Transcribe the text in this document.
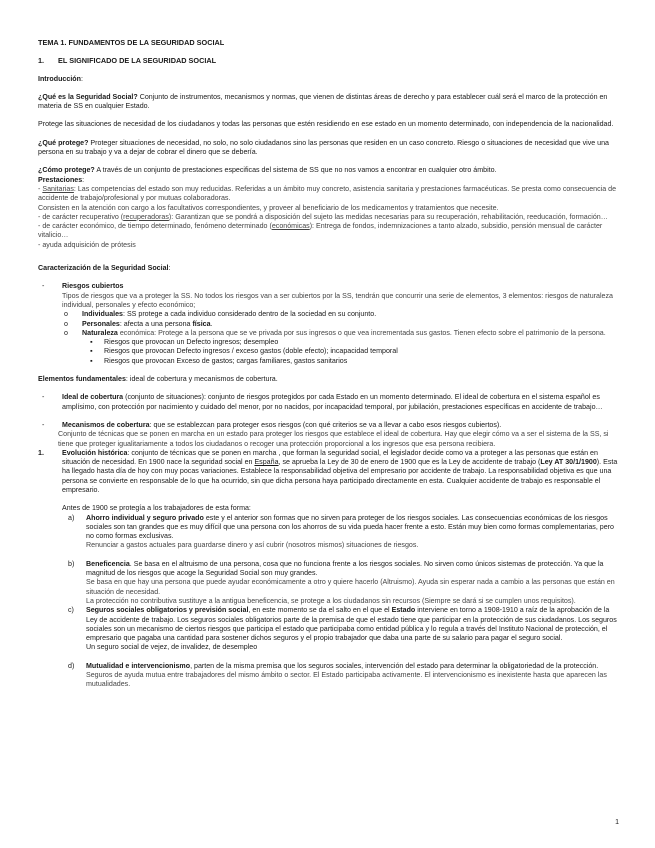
TEMA 1. FUNDAMENTOS DE LA SEGURIDAD SOCIAL

1. EL SIGNIFICADO DE LA SEGURIDAD SOCIAL

Introducción:

¿Qué es la Seguridad Social? Conjunto de instrumentos, mecanismos y normas, que vienen de distintas áreas de derecho y para establecer cuál será el marco de la protección en materia de SS en cualquier Estado.

Protege las situaciones de necesidad de los ciudadanos y todas las personas que estén residiendo en ese estado en un momento determinado, con independencia de la nacionalidad.

¿Qué protege? Proteger situaciones de necesidad, no solo, no solo ciudadanos sino las personas que residen en un caso concreto. Riesgo o situaciones de necesidad que vive una persona en su trabajo y va a dejar de cobrar el dinero que se debería.

¿Cómo protege? A través de un conjunto de prestaciones especificas del sistema de SS que no nos vamos a encontrar en cualquier otro ámbito.

Prestaciones:

- Sanitarias: Las competencias del estado son muy reducidas. Referidas a un ámbito muy concreto, asistencia sanitaria y prestaciones farmacéuticas. Se presta como consecuencia de accidente de trabajo/profesional y por mutuas colaboradoras.

Consisten en la atención con cargo a los facultativos correspondientes, y proveer al beneficiario de los medicamentos y tratamientos que necesite.

- de carácter recuperativo (recuperadoras): Garantizan que se pondrá a disposición del sujeto las medidas necesarias para su recuperación, rehabilitación, reeducación, formación…

- de carácter económico, de tiempo determinado, fenómeno determinado (económicas): Entrega de fondos, indemnizaciones a tanto alzado, subsidio, pensión mensual de carácter vitalicio…

- ayuda adquisición de prótesis

Caracterización de la Seguridad Social:

- Riesgos cubiertos

Tipos de riesgos que va a proteger la SS. No todos los riesgos van a ser cubiertos por la SS, tendrán que concurrir una serie de elementos, 3 elementos: riesgos de naturaleza individual, personales y efecto económico;

o Individuales: SS protege a cada individuo considerado dentro de la sociedad en su conjunto.

o Personales: afecta a una persona física.

o Naturaleza económica: Protege a la persona que se ve privada por sus ingresos o que vea incrementada sus gastos. Tienen efecto sobre el patrimonio de la persona.

▪ Riesgos que provocan un Defecto ingresos; desempleo

▪ Riesgos que provocan Defecto ingresos / exceso gastos (doble efecto); incapacidad temporal

▪ Riesgos que provocan Exceso de gastos; cargas familiares, gastos sanitarios

Elementos fundamentales: ideal de cobertura y mecanismos de cobertura.

- Ideal de cobertura (conjunto de situaciones): conjunto de riesgos protegidos por cada Estado en un momento determinado. El ideal de cobertura en el sistema español es amplísimo, con protección por nacimiento y cuidado del menor, por no nacidos, por incapacidad temporal, por jubilación, prestaciones específicas en accidente de trabajo…

- Mecanismos de cobertura: que se establezcan para proteger esos riesgos (con qué criterios se va a llevar a cabo esos riesgos cubiertos).

Conjunto de técnicas que se ponen en marcha en un estado para proteger los riesgos que establece el ideal de cobertura. Hay que elegir cómo va a ser el sistema de la SS, si tiene que proteger igualitariamente a todos los ciudadanos o recoger una protección proporcional a los ingresos que esa persona recibiera.

1.	Evolución histórica: conjunto de técnicas que se ponen en marcha , que forman la seguridad social, el legislador decide como va a proteger a las personas que están en situación de necesidad. En 1900 nace la seguridad social en España, se aprueba la Ley de 30 de enero de 1900 que es la Ley de accidente de trabajo (Ley AT 30/1/1900). Esta ha llegado hasta día de hoy con muy pocas variaciones. Establece la responsabilidad objetiva del empresario por accidente de trabajo. La responsabilidad objetiva es que una persona se convierte en responsable de lo que ha ocurrido, sin que dicha persona haya participado directamente en esta. Cualquier accidente de trabajo es responsable el empresario.

Antes de 1900 se protegía a los trabajadores de esta forma:

a) Ahorro individual y seguro privado este y el anterior son formas que no sirven para proteger de los riesgos sociales. Las consecuencias económicas de los riesgos sociales son tan grandes que es muy difícil que una persona con los ahorros de su vida pueda hacer frente a esto. Están muy bien como formas complementarias, pero no como formas exclusivas.

Renunciar a gastos actuales para guardarse dinero y así cubrir (nosotros mismos) situaciones de riesgos.

b) Beneficencia. Se basa en el altruismo de una persona, cosa que no funciona frente a los riesgos sociales. No sirven como únicos sistemas de protección. Ya que la magnitud de los riesgos que acoge la Seguridad Social son muy grandes.

Se basa en que hay una persona que puede ayudar económicamente a otro y quiere hacerlo (Altruismo). Ayuda sin esperar nada a cambio a las personas que están en situación de necesidad.

La protección no contributiva sustituye a la antigua beneficencia, se protege a los ciudadanos sin recursos (Siempre se dará si se cumplen unos requisitos).

c) Seguros sociales obligatorios y previsión social, en este momento se da el salto en el que el Estado interviene en torno a 1908-1910 a raíz de la aprobación de la Ley de accidente de trabajo. Los seguros sociales obligatorios parte de la premisa de que el estado tiene que participar en la protección de sus ciudadanos. Los seguros sociales son un mecanismo de ciertos riesgos que participa el estado que participaba como entidad pública y lo regula a través del Instituto Nacional de protección, el empresario que pagaba una cantidad para sostener dichos seguros y el propio trabajador que daba una parte de su salario para pagar el seguro social.

Un seguro social de vejez, de invalidez, de desempleo

d) Mutualidad e intervencionismo, parten de la misma premisa que los seguros sociales, intervención del estado para determinar la obligatoriedad de la protección.

Seguros de ayuda mutua entre trabajadores del mismo ámbito o sector. El Estado participaba activamente. El intervencionismo es inexistente hasta que aparecen las mutualidades.

1
